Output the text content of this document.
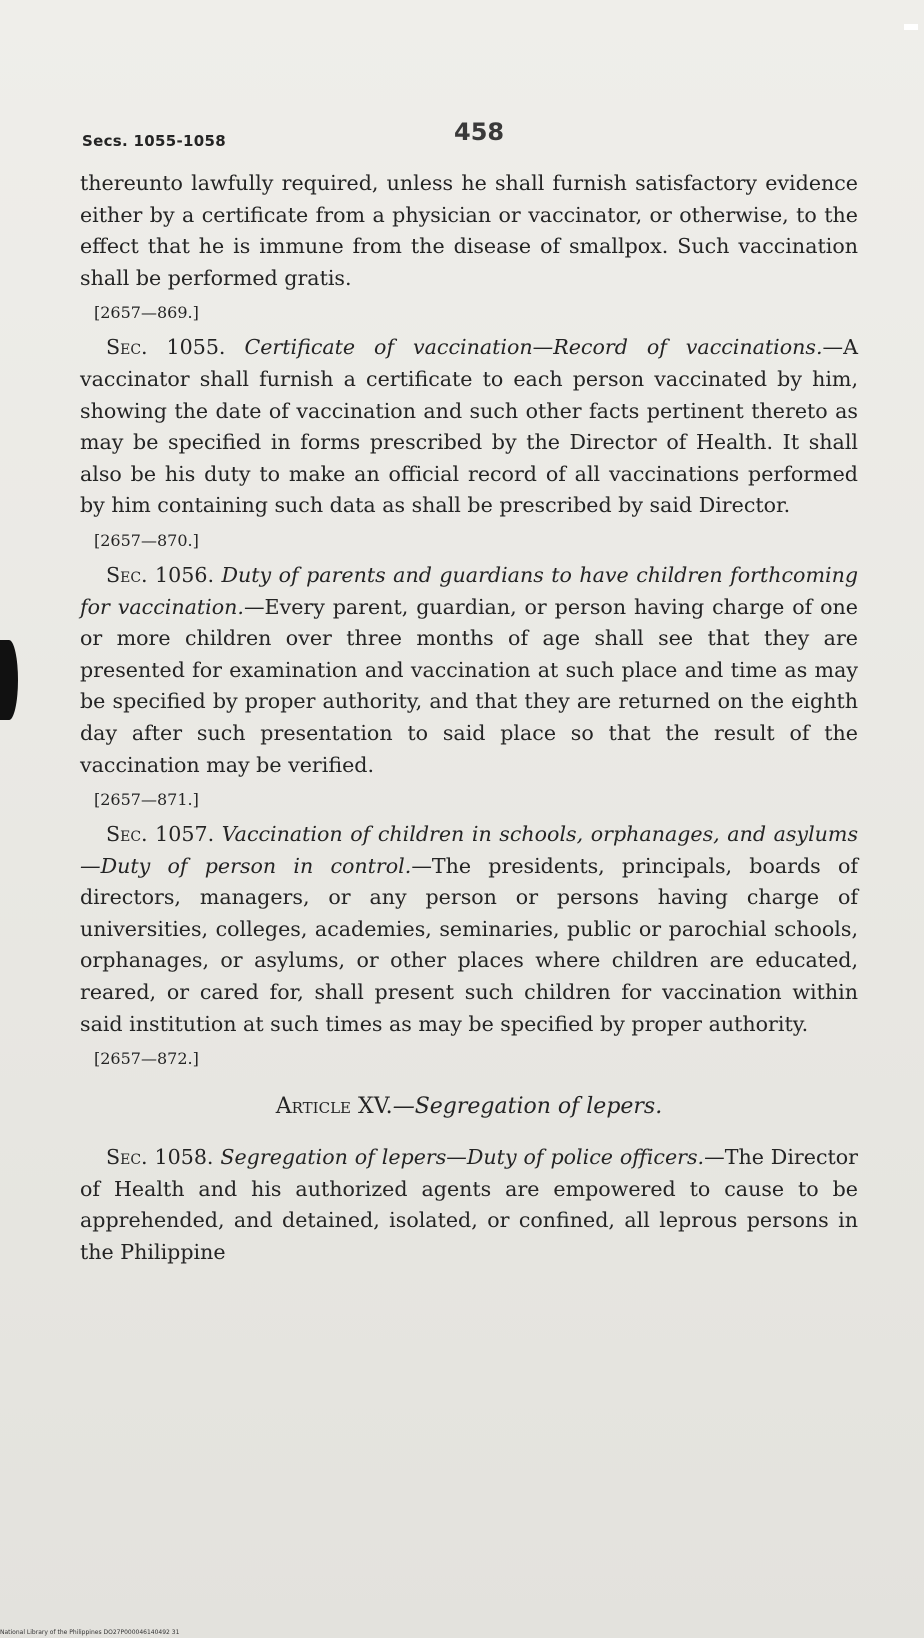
Secs. 1055-1058	458

thereunto lawfully required, unless he shall furnish satisfactory evidence either by a certificate from a physician or vaccinator, or otherwise, to the effect that he is immune from the disease of smallpox. Such vaccination shall be performed gratis.

[2657—869.]

Sec. 1055. Certificate of vaccination—Record of vaccinations.—A vaccinator shall furnish a certificate to each person vaccinated by him, showing the date of vaccination and such other facts pertinent thereto as may be specified in forms prescribed by the Director of Health. It shall also be his duty to make an official record of all vaccinations performed by him containing such data as shall be prescribed by said Director.

[2657—870.]

Sec. 1056. Duty of parents and guardians to have children forthcoming for vaccination.—Every parent, guardian, or person having charge of one or more children over three months of age shall see that they are presented for examination and vaccination at such place and time as may be specified by proper authority, and that they are returned on the eighth day after such presentation to said place so that the result of the vaccination may be verified.

[2657—871.]

Sec. 1057. Vaccination of children in schools, orphanages, and asylums—Duty of person in control.—The presidents, principals, boards of directors, managers, or any person or persons having charge of universities, colleges, academies, seminaries, public or parochial schools, orphanages, or asylums, or other places where children are educated, reared, or cared for, shall present such children for vaccination within said institution at such times as may be specified by proper authority.

[2657—872.]

Article XV.—Segregation of lepers.

Sec. 1058. Segregation of lepers—Duty of police officers.—The Director of Health and his authorized agents are empowered to cause to be apprehended, and detained, isolated, or confined, all leprous persons in the Philippine

National Library of the Philippines DO27P000046140492 31
